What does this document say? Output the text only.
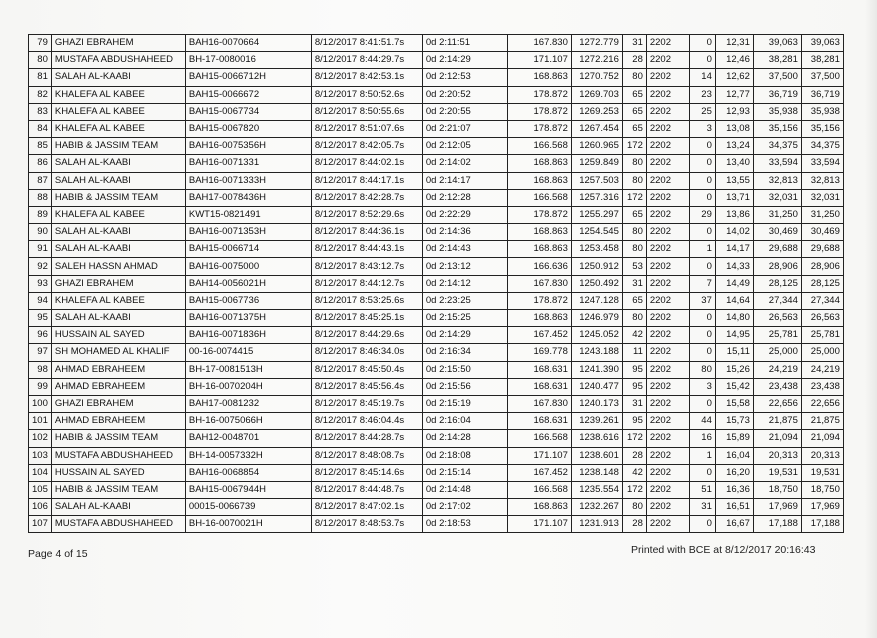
79	GHAZI EBRAHEM	BAH16-0070664	8/12/2017 8:41:51.7s	0d 2:11:51	167.830	1272.779	31	2202	0	12,31	39,063	39,063
80	MUSTAFA ABDUSHAHEED	BH-17-0080016	8/12/2017 8:44:29.7s	0d 2:14:29	171.107	1272.216	28	2202	0	12,46	38,281	38,281
81	SALAH AL-KAABI	BAH15-0066712H	8/12/2017 8:42:53.1s	0d 2:12:53	168.863	1270.752	80	2202	14	12,62	37,500	37,500
82	KHALEFA AL KABEE	BAH15-0066672	8/12/2017 8:50:52.6s	0d 2:20:52	178.872	1269.703	65	2202	23	12,77	36,719	36,719
83	KHALEFA AL KABEE	BAH15-0067734	8/12/2017 8:50:55.6s	0d 2:20:55	178.872	1269.253	65	2202	25	12,93	35,938	35,938
84	KHALEFA AL KABEE	BAH15-0067820	8/12/2017 8:51:07.6s	0d 2:21:07	178.872	1267.454	65	2202	3	13,08	35,156	35,156
85	HABIB & JASSIM TEAM	BAH16-0075356H	8/12/2017 8:42:05.7s	0d 2:12:05	166.568	1260.965	172	2202	0	13,24	34,375	34,375
86	SALAH AL-KAABI	BAH16-0071331	8/12/2017 8:44:02.1s	0d 2:14:02	168.863	1259.849	80	2202	0	13,40	33,594	33,594
87	SALAH AL-KAABI	BAH16-0071333H	8/12/2017 8:44:17.1s	0d 2:14:17	168.863	1257.503	80	2202	0	13,55	32,813	32,813
88	HABIB & JASSIM TEAM	BAH17-0078436H	8/12/2017 8:42:28.7s	0d 2:12:28	166.568	1257.316	172	2202	0	13,71	32,031	32,031
89	KHALEFA AL KABEE	KWT15-0821491	8/12/2017 8:52:29.6s	0d 2:22:29	178.872	1255.297	65	2202	29	13,86	31,250	31,250
90	SALAH AL-KAABI	BAH16-0071353H	8/12/2017 8:44:36.1s	0d 2:14:36	168.863	1254.545	80	2202	0	14,02	30,469	30,469
91	SALAH AL-KAABI	BAH15-0066714	8/12/2017 8:44:43.1s	0d 2:14:43	168.863	1253.458	80	2202	1	14,17	29,688	29,688
92	SALEH HASSN AHMAD	BAH16-0075000	8/12/2017 8:43:12.7s	0d 2:13:12	166.636	1250.912	53	2202	0	14,33	28,906	28,906
93	GHAZI EBRAHEM	BAH14-0056021H	8/12/2017 8:44:12.7s	0d 2:14:12	167.830	1250.492	31	2202	7	14,49	28,125	28,125
94	KHALEFA AL KABEE	BAH15-0067736	8/12/2017 8:53:25.6s	0d 2:23:25	178.872	1247.128	65	2202	37	14,64	27,344	27,344
95	SALAH AL-KAABI	BAH16-0071375H	8/12/2017 8:45:25.1s	0d 2:15:25	168.863	1246.979	80	2202	0	14,80	26,563	26,563
96	HUSSAIN AL SAYED	BAH16-0071836H	8/12/2017 8:44:29.6s	0d 2:14:29	167.452	1245.052	42	2202	0	14,95	25,781	25,781
97	SH MOHAMED AL KHALIF	00-16-0074415	8/12/2017 8:46:34.0s	0d 2:16:34	169.778	1243.188	11	2202	0	15,11	25,000	25,000
98	AHMAD EBRAHEEM	BH-17-0081513H	8/12/2017 8:45:50.4s	0d 2:15:50	168.631	1241.390	95	2202	80	15,26	24,219	24,219
99	AHMAD EBRAHEEM	BH-16-0070204H	8/12/2017 8:45:56.4s	0d 2:15:56	168.631	1240.477	95	2202	3	15,42	23,438	23,438
100	GHAZI EBRAHEM	BAH17-0081232	8/12/2017 8:45:19.7s	0d 2:15:19	167.830	1240.173	31	2202	0	15,58	22,656	22,656
101	AHMAD EBRAHEEM	BH-16-0075066H	8/12/2017 8:46:04.4s	0d 2:16:04	168.631	1239.261	95	2202	44	15,73	21,875	21,875
102	HABIB & JASSIM TEAM	BAH12-0048701	8/12/2017 8:44:28.7s	0d 2:14:28	166.568	1238.616	172	2202	16	15,89	21,094	21,094
103	MUSTAFA ABDUSHAHEED	BH-14-0057332H	8/12/2017 8:48:08.7s	0d 2:18:08	171.107	1238.601	28	2202	1	16,04	20,313	20,313
104	HUSSAIN AL SAYED	BAH16-0068854	8/12/2017 8:45:14.6s	0d 2:15:14	167.452	1238.148	42	2202	0	16,20	19,531	19,531
105	HABIB & JASSIM TEAM	BAH15-0067944H	8/12/2017 8:44:48.7s	0d 2:14:48	166.568	1235.554	172	2202	51	16,36	18,750	18,750
106	SALAH AL-KAABI	00015-0066739	8/12/2017 8:47:02.1s	0d 2:17:02	168.863	1232.267	80	2202	31	16,51	17,969	17,969
107	MUSTAFA ABDUSHAHEED	BH-16-0070021H	8/12/2017 8:48:53.7s	0d 2:18:53	171.107	1231.913	28	2202	0	16,67	17,188	17,188
Page 4 of 15	Printed with BCE at 8/12/2017 20:16:43
